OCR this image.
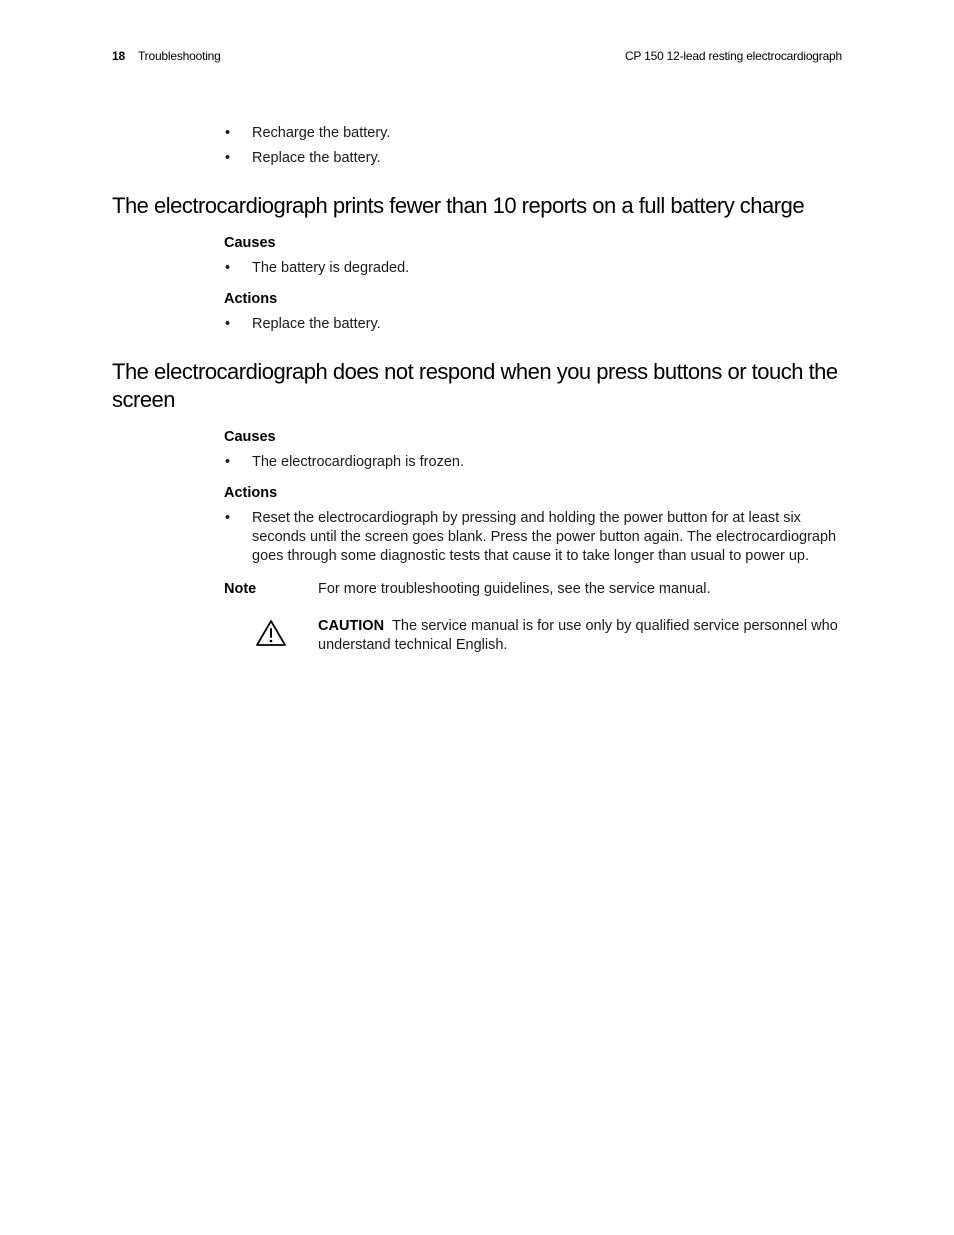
18 Troubleshooting	CP 150 12-lead resting electrocardiograph
• Recharge the battery.
• Replace the battery.
The electrocardiograph prints fewer than 10 reports on a full battery charge
Causes
• The battery is degraded.
Actions
• Replace the battery.
The electrocardiograph does not respond when you press buttons or touch the screen
Causes
• The electrocardiograph is frozen.
Actions
• Reset the electrocardiograph by pressing and holding the power button for at least six seconds until the screen goes blank. Press the power button again. The electrocardiograph goes through some diagnostic tests that cause it to take longer than usual to power up.
Note	For more troubleshooting guidelines, see the service manual.
CAUTION The service manual is for use only by qualified service personnel who understand technical English.
